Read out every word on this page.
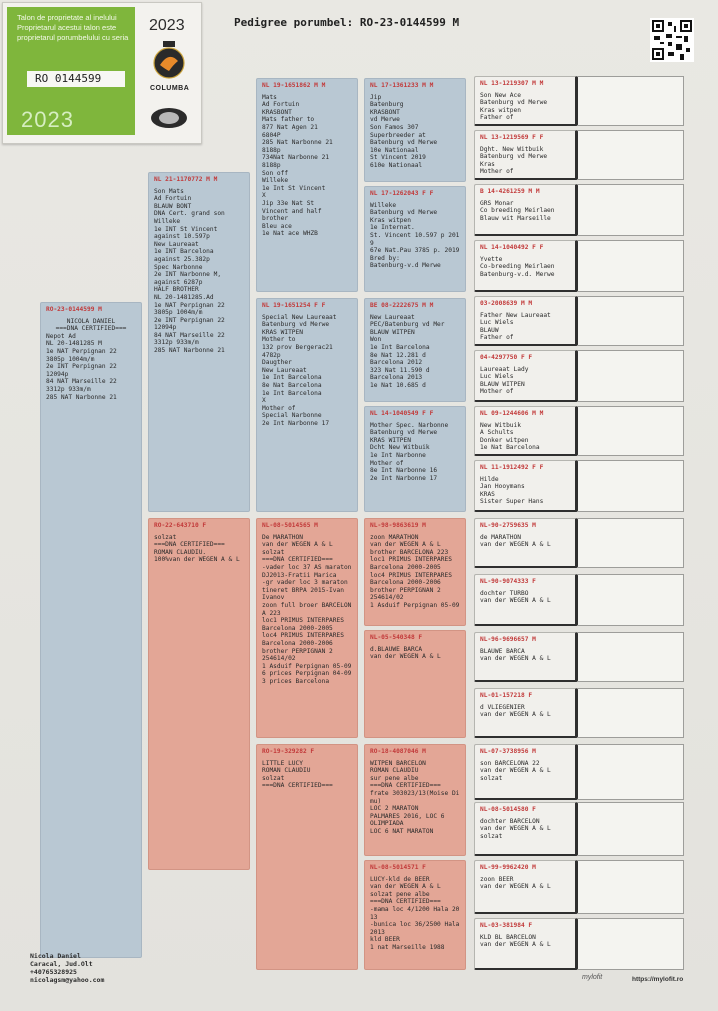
Talon de proprietate al inelului
Proprietarul acestui talon este
proprietarul porumbelului cu seria
RO 0144599
2023
2023
COLUMBA
Pedigree porumbel: RO-23-0144599 M
RO-23-0144599 M
NICOLA DANIEL
===DNA CERTIFIED===
Nepot Ad
NL 20-1481285 M
1e NAT Perpignan 22
3805p 1004m/m
2e INT Perpignan 22
12094p
84 NAT Marseille 22
3312p 933m/m
285 NAT Narbonne 21
NL 21-1170772 M M
Son Mats
Ad Fortuin
BLAUW BONT
DNA Cert. grand son
Willeke
1e INT St Vincent
against 10.597p
New Laureaat
1e INT Barcelona
against 25.382p
Spec Narbonne
2e INT Narbonne M,
against 6287p
HALF BROTHER
NL 20-1481285.Ad
1e NAT Perpignan 22
3805p 1004m/m
2e INT Perpignan 22
12094p
84 NAT Marseille 22
3312p 933m/m
285 NAT Narbonne 21
RO-22-643710 F
solzat
===DNA CERTIFIED===
ROMAN CLAUDIU.
100%van der WEGEN A & L
NL 19-1651862 M M
Mats
Ad Fortuin
KRASBONT
Mats father to
877 Nat Agen 21
6804P
285 Nat Narbonne 21
8188p
734Nat Narbonne 21
8188p
Son off
Willeke
1e Int St Vincent
X
Jip 33e Nat St
Vincent and half
brother
Bleu ace
1e Nat ace WHZB
NL 19-1651254 F F
Special New Laureaat
Batenburg vd Merwe
KRAS WITPEN
Mother to
132 prov Bergerac21
4782p
Daugther
New Laureaat
1e Int Barcelona
8e Nat Barcelona
1e Int Barcelona
X
Mother of
Special Narbonne
2e Int Narbonne 17
NL-08-5014565 M
De MARATHON
van der WEGEN A & L
solzat
===DNA CERTIFIED===
-vader loc 37 AS maraton
DJ2013-Fratii Marica
-gr vader loc 3 maraton
tineret BRPA 2015-Ivan
Ivanov
zoon full broer BARCELON
A 223
loc1 PRIMUS INTERPARES
Barcelona 2000-2005
loc4 PRIMUS INTERPARES
Barcelona 2000-2006
brother PERPIGNAN 2
254614/02
1 Asduif Perpignan 05-09
6 prices Perpignan 04-09
3 prices Barcelona
RO-19-329282 F
LITTLE LUCY
ROMAN CLAUDIU
solzat
===DNA CERTIFIED===
NL 17-1361233 M M
Jip
Batenburg
KRASBONT
vd Merwe
Son Famos 307
Superbreeder at
Batenburg vd Merwe
10e Nationaal
St Vincent 2019
610e Nationaal
NL 17-1262043 F F
Willeke
Batenburg vd Merwe
Kras witpen
1e Internat.
St. Vincent 10.597 p 201
9
67e Nat.Pau 3785 p. 2019
Bred by:
Batenburg-v.d Merwe
BE 08-2222675 M M
New Laureaat
PEC/Batenburg vd Mer
BLAUW WITPEN
Won
1e Int Barcelona
8e Nat 12.281 d
Barcelona 2012
323 Nat 11.590 d
Barcelona 2013
1e Nat 10.685 d
NL 14-1040549 F F
Mother Spec. Narbonne
Batenburg vd Merwe
KRAS WITPEN
Dcht New Witbuik
1e Int Narbonne
Mother of
8e Int Narbonne 16
2e Int Narbonne 17
NL-98-9863619 M
zoon MARATHON
van der WEGEN A & L
brother BARCELONA 223
loc1 PRIMUS INTERPARES
Barcelona 2000-2005
loc4 PRIMUS INTERPARES
Barcelona 2000-2006
brother PERPIGNAN 2
254614/02
1 Asduif Perpignan 05-09
NL-05-540348 F
d.BLAUWE BARCA
van der WEGEN A & L
RO-18-4087046 M
WITPEN BARCELON
ROMAN CLAUDIU
sur pene albe
===DNA CERTIFIED===
frate 303023/13(Moise Di
mu)
LOC 2 MARATON
PALMARES 2016, LOC 6
OLIMPIADA
LOC 6 NAT MARATON
NL-08-5014571 F
LUCY-kld de BEER
van der WEGEN A & L
solzat pene albe
===DNA CERTIFIED===
-mama loc 4/1200 Hala 20
13
-bunica loc 36/2500 Hala
2013
kld BEER
1 nat Marseille 1988
NL 13-1219307 M M
Son New Ace
Batenburg vd Merwe
Kras witpen
Father of
NL 13-1219569 F F
Dght. New Witbuik
Batenburg vd Merwe
Kras
Mother of
B 14-4261259 M M
GRS Monar
Co breeding Meirlaen
Blauw wit Marseille
NL 14-1040492 F F
Yvette
Co-breeding Meirlaen
Batenburg-v.d. Merwe
03-2008639 M M
Father New Laureaat
Luc Wiels
BLAUW
Father of
04-4297750 F F
Laureaat Lady
Luc Wiels
BLAUW WITPEN
Mother of
NL 09-1244606 M M
New Witbuik
A Schults
Donker witpen
1e Nat Barcelona
NL 11-1912492 F F
Hilde
Jan Hooymans
KRAS
Sister Super Hans
NL-90-2759635 M
de MARATHON
van der WEGEN A & L
NL-90-9074333 F
dochter TURBO
van der WEGEN A & L
NL-96-9696657 M
BLAUWE BARCA
van der WEGEN A & L
NL-01-157218 F
d VLIEGENIER
van der WEGEN A & L
NL-07-3738956 M
son BARCELONA 22
van der WEGEN A & L
solzat
NL-08-5014580 F
dochter BARCELON
van der WEGEN A & L
solzat
NL-99-9962420 M
zoon BEER
van der WEGEN A & L
NL-03-381984 F
KLD BL BARCELON
van der WEGEN A & L
Nicola Daniel
Caracal, Jud.Olt
+40765328925
nicolagsm@yahoo.com	mylofit	https://mylofit.ro
